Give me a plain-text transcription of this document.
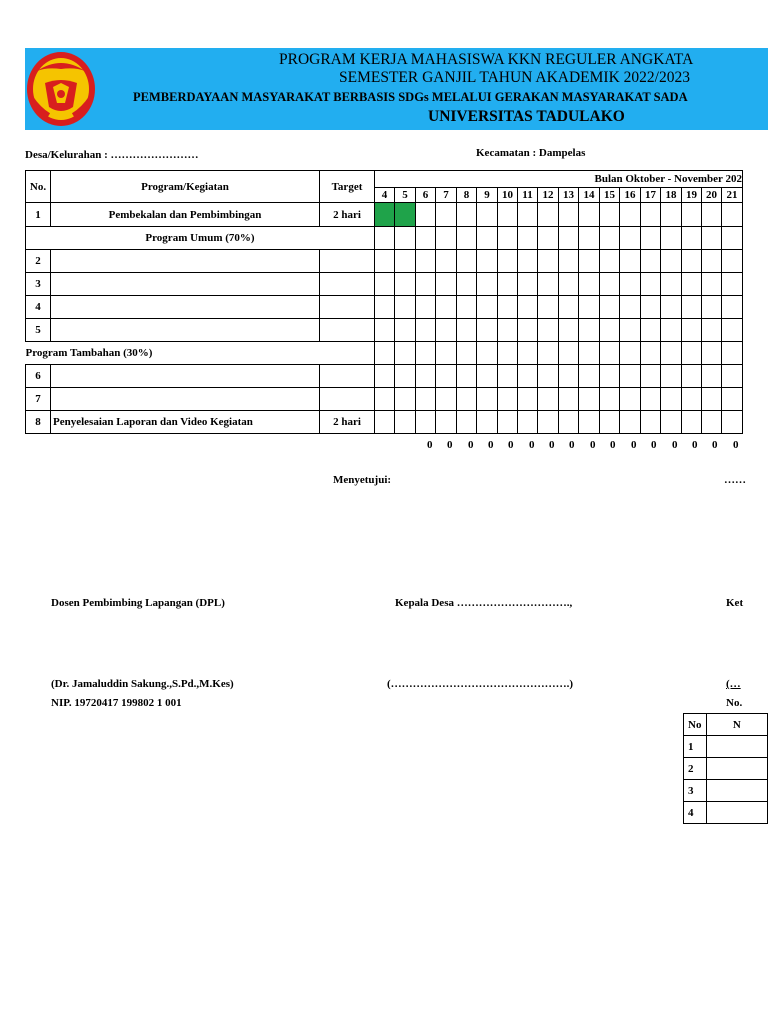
PROGRAM KERJA MAHASISWA KKN REGULER ANGKATA
SEMESTER GANJIL TAHUN AKADEMIK 2022/2023
PEMBERDAYAAN MASYARAKAT BERBASIS SDGs MELALUI GERAKAN MASYARAKAT SADA
UNIVERSITAS TADULAKO
Desa/Kelurahan : ……………………	Kecamatan : Dampelas
No.	Program/Kegiatan	Target	Bulan Oktober - November 202																	
			4	5	6	7	8	9	10	11	12	13	14	15	16	17	18	19	20	21
1	Pembekalan dan Pembimbingan	2 hari																		
Program Umum (70%)																				
2																				
3																				
4																				
5																				
Program Tambahan (30%)																				
6																				
7																				
8	Penyelesaian Laporan dan Video Kegiatan	2 hari																		
0 0 0 0 0 0 0 0 0 0 0 0 0 0 0 0
Menyetujui:	……
Dosen Pembimbing Lapangan (DPL)	Kepala Desa ………………………….,	Ket
(Dr. Jamaluddin Sakung.,S.Pd.,M.Kes)	(………………………………………….)	(…
NIP. 19720417 199802 1 001	No.
No	N
1	
2	
3	
4	
